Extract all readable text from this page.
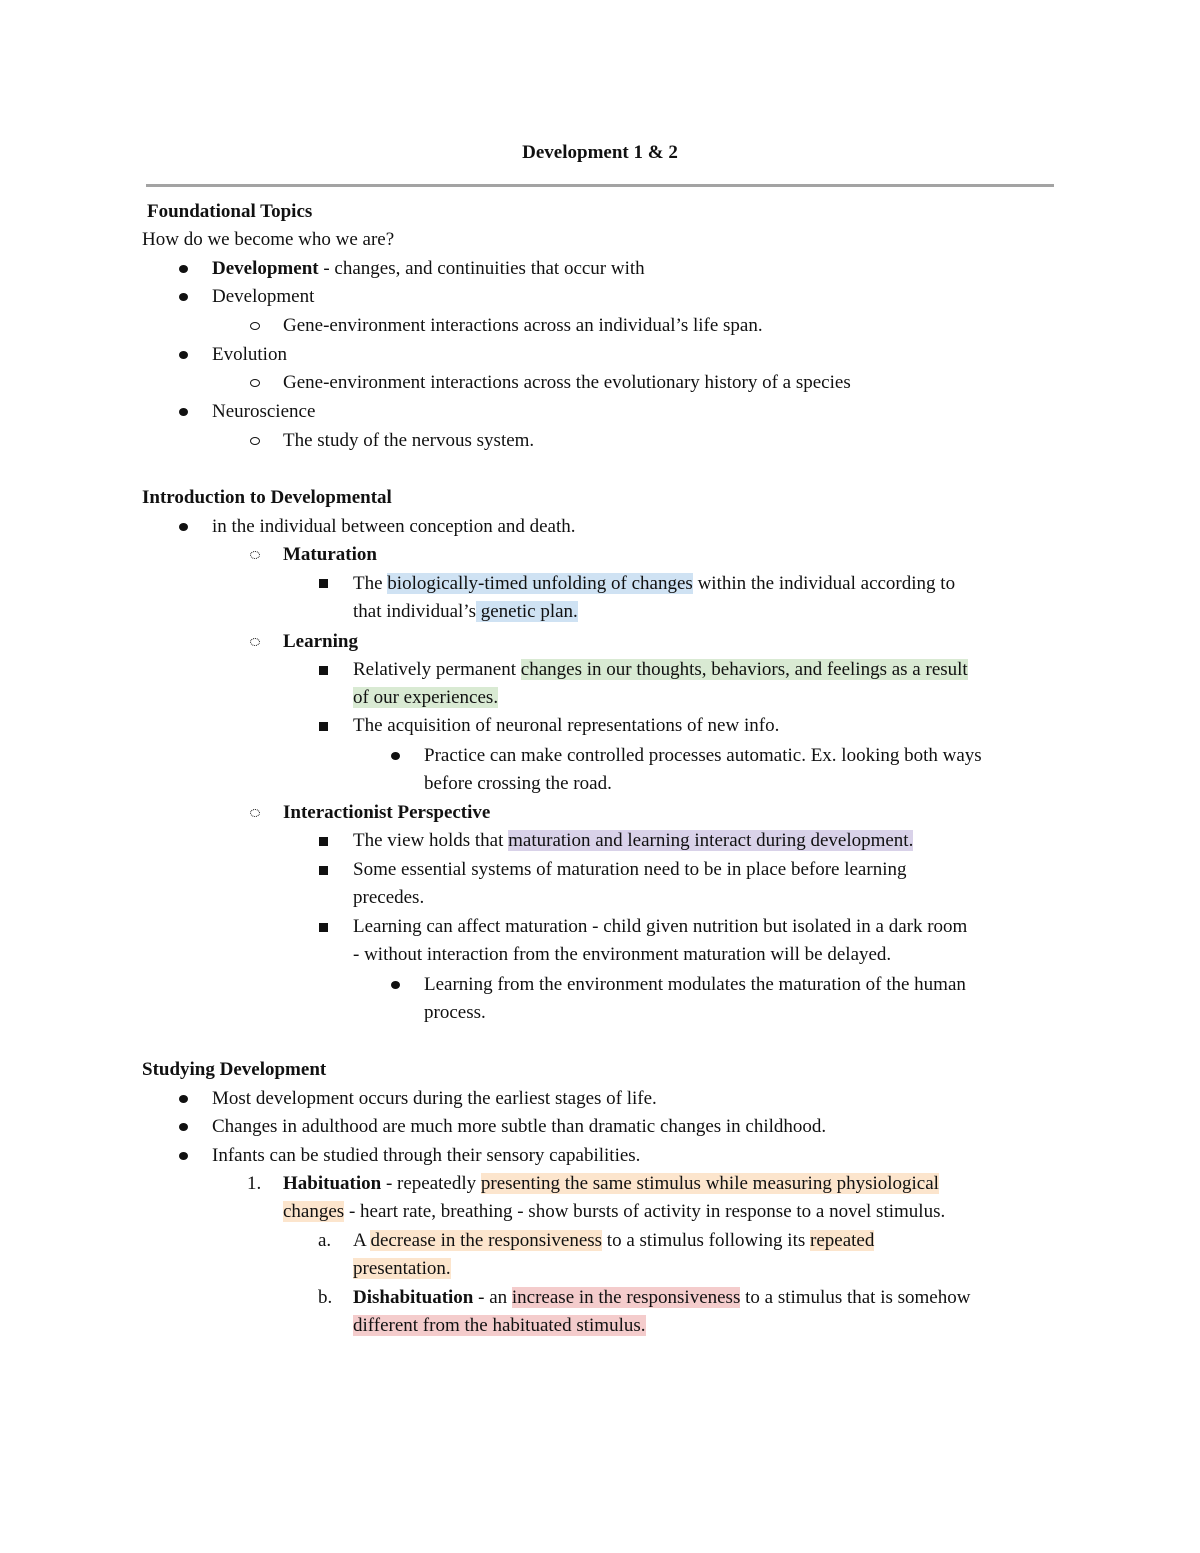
Development 1 & 2
Foundational Topics
How do we become who we are?
Development - changes, and continuities that occur with
Development
Gene-environment interactions across an individual’s life span.
Evolution
Gene-environment interactions across the evolutionary history of a species
Neuroscience
The study of the nervous system.
Introduction to Developmental
in the individual between conception and death.
Maturation
The biologically-timed unfolding of changes within the individual according to
that individual’s genetic plan.
Learning
Relatively permanent changes in our thoughts, behaviors, and feelings as a result
of our experiences.
The acquisition of neuronal representations of new info.
Practice can make controlled processes automatic. Ex. looking both ways
before crossing the road.
Interactionist Perspective
The view holds that maturation and learning interact during development.
Some essential systems of maturation need to be in place before learning
precedes.
Learning can affect maturation - child given nutrition but isolated in a dark room
- without interaction from the environment maturation will be delayed.
Learning from the environment modulates the maturation of the human
process.
Studying Development
Most development occurs during the earliest stages of life.
Changes in adulthood are much more subtle than dramatic changes in childhood.
Infants can be studied through their sensory capabilities.
1. Habituation - repeatedly presenting the same stimulus while measuring physiological
changes - heart rate, breathing - show bursts of activity in response to a novel stimulus.
a. A decrease in the responsiveness to a stimulus following its repeated
presentation.
b. Dishabituation - an increase in the responsiveness to a stimulus that is somehow
different from the habituated stimulus.
